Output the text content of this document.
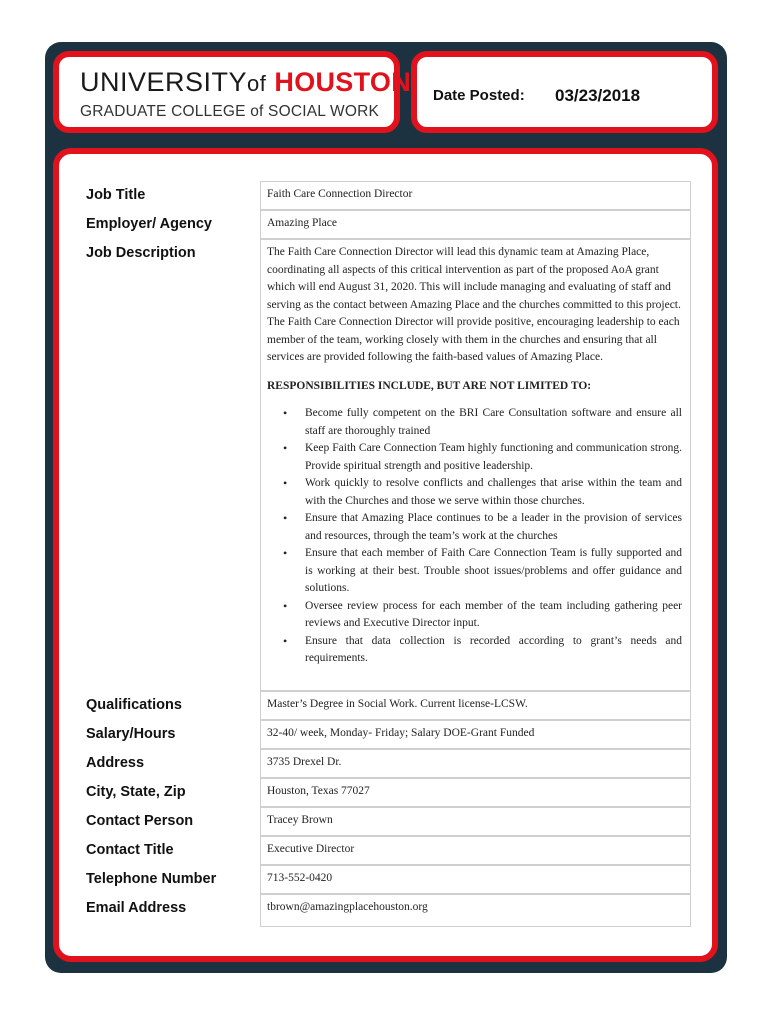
UNIVERSITYof HOUSTON
GRADUATE COLLEGE of SOCIAL WORK
Date Posted: 03/23/2018
Job Title	Faith Care Connection Director
Employer/ Agency	Amazing Place
Job Description	The Faith Care Connection Director will lead this dynamic team at Amazing Place, coordinating all aspects of this critical intervention as part of the proposed AoA grant which will end August 31, 2020. This will include managing and evaluating of staff and serving as the contact between Amazing Place and the churches committed to this project. The Faith Care Connection Director will provide positive, encouraging leadership to each member of the team, working closely with them in the churches and ensuring that all services are provided following the faith-based values of Amazing Place.
RESPONSIBILITIES INCLUDE, BUT ARE NOT LIMITED TO:
• Become fully competent on the BRI Care Consultation software and ensure all staff are thoroughly trained
• Keep Faith Care Connection Team highly functioning and communication strong. Provide spiritual strength and positive leadership.
• Work quickly to resolve conflicts and challenges that arise within the team and with the Churches and those we serve within those churches.
• Ensure that Amazing Place continues to be a leader in the provision of services and resources, through the team’s work at the churches
• Ensure that each member of Faith Care Connection Team is fully supported and is working at their best. Trouble shoot issues/problems and offer guidance and solutions.
• Oversee review process for each member of the team including gathering peer reviews and Executive Director input.
• Ensure that data collection is recorded according to grant’s needs and requirements.
Qualifications	Master’s Degree in Social Work. Current license-LCSW.
Salary/Hours	32-40/ week, Monday- Friday; Salary DOE-Grant Funded
Address	3735 Drexel Dr.
City, State, Zip	Houston, Texas 77027
Contact Person	Tracey Brown
Contact Title	Executive Director
Telephone Number	713-552-0420
Email Address	tbrown@amazingplacehouston.org
